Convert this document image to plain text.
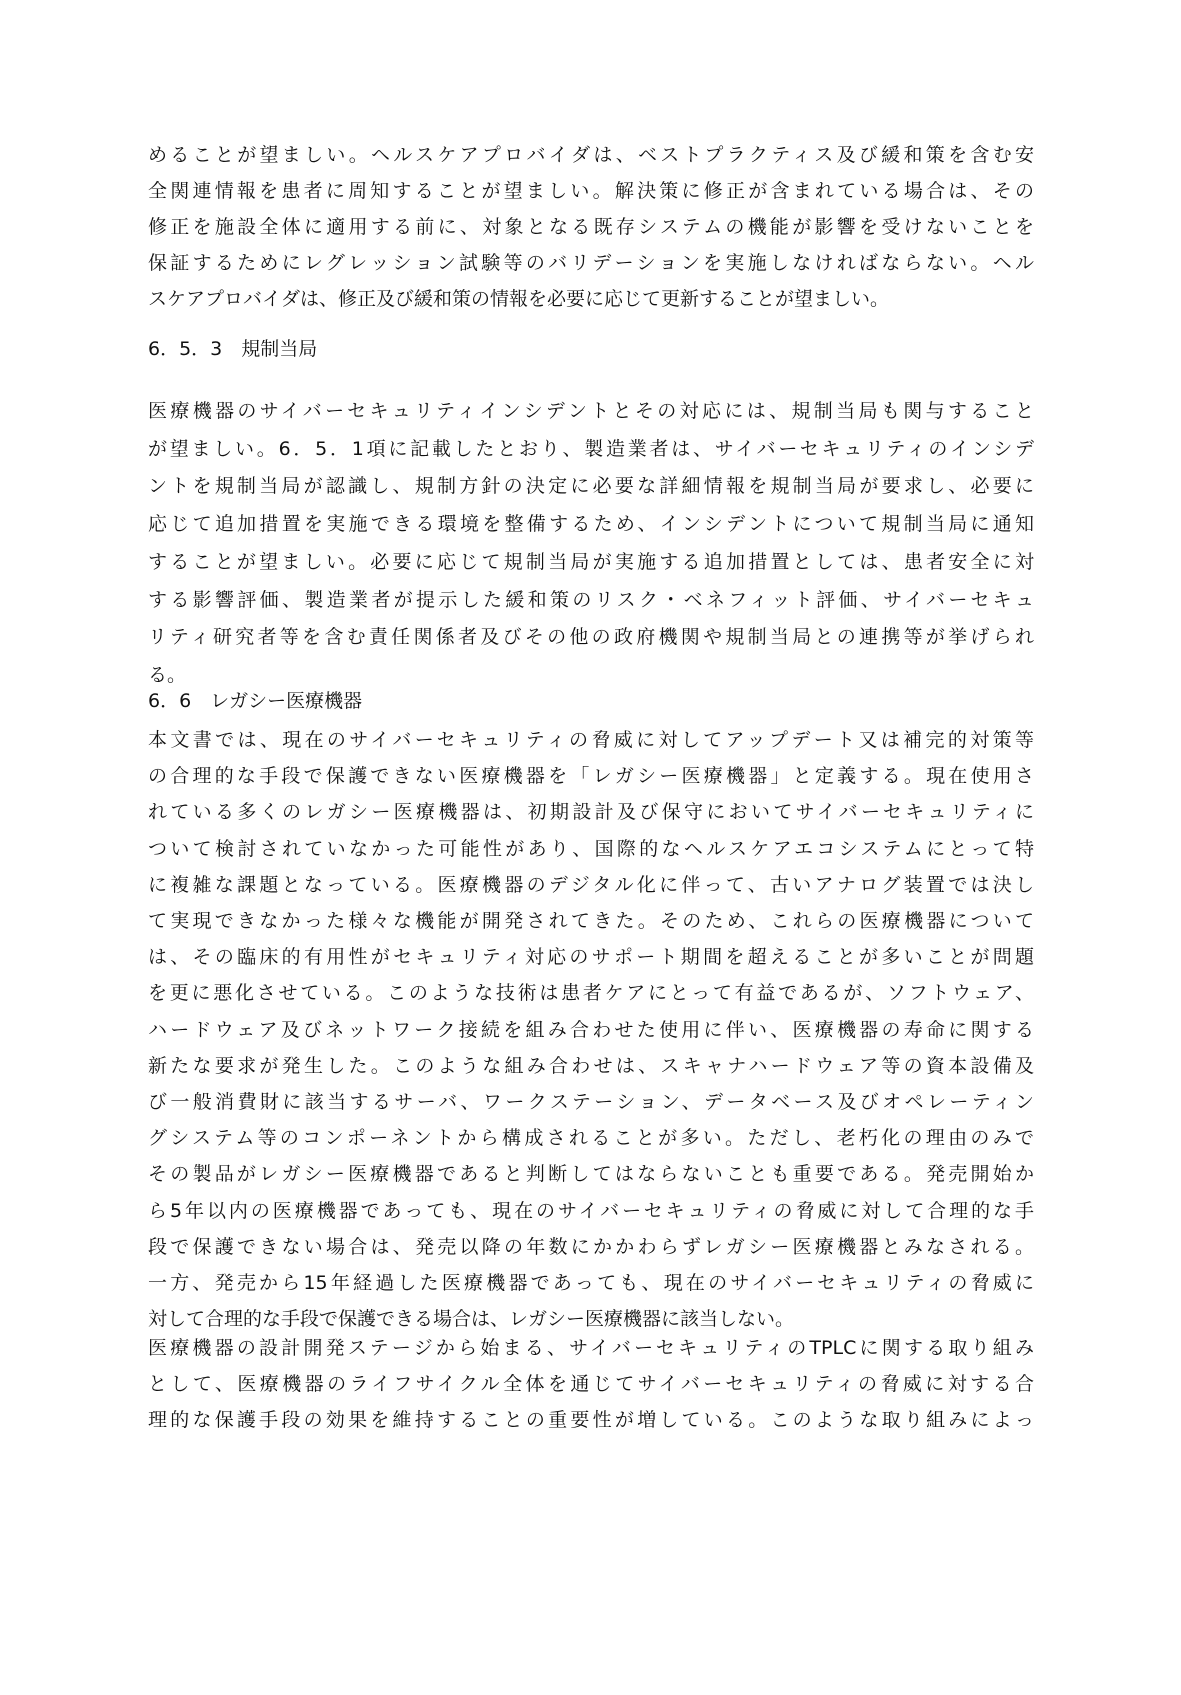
めることが望ましい。ヘルスケアプロバイダは、ベストプラクティス及び緩和策を含む安
全関連情報を患者に周知することが望ましい。解決策に修正が含まれている場合は、その
修正を施設全体に適用する前に、対象となる既存システムの機能が影響を受けないことを
保証するためにレグレッション試験等のバリデーションを実施しなければならない。ヘル
スケアプロバイダは、修正及び緩和策の情報を必要に応じて更新することが望ましい。
6．5．3　規制当局
医療機器のサイバーセキュリティインシデントとその対応には、規制当局も関与すること
が望ましい。6．5．1項に記載したとおり、製造業者は、サイバーセキュリティのインシデ
ントを規制当局が認識し、規制方針の決定に必要な詳細情報を規制当局が要求し、必要に
応じて追加措置を実施できる環境を整備するため、インシデントについて規制当局に通知
することが望ましい。必要に応じて規制当局が実施する追加措置としては、患者安全に対
する影響評価、製造業者が提示した緩和策のリスク・ベネフィット評価、サイバーセキュ
リティ研究者等を含む責任関係者及びその他の政府機関や規制当局との連携等が挙げられ
る。
6．6　レガシー医療機器
本文書では、現在のサイバーセキュリティの脅威に対してアップデート又は補完的対策等
の合理的な手段で保護できない医療機器を「レガシー医療機器」と定義する。現在使用さ
れている多くのレガシー医療機器は、初期設計及び保守においてサイバーセキュリティに
ついて検討されていなかった可能性があり、国際的なヘルスケアエコシステムにとって特
に複雑な課題となっている。医療機器のデジタル化に伴って、古いアナログ装置では決し
て実現できなかった様々な機能が開発されてきた。そのため、これらの医療機器について
は、その臨床的有用性がセキュリティ対応のサポート期間を超えることが多いことが問題
を更に悪化させている。このような技術は患者ケアにとって有益であるが、ソフトウェア、
ハードウェア及びネットワーク接続を組み合わせた使用に伴い、医療機器の寿命に関する
新たな要求が発生した。このような組み合わせは、スキャナハードウェア等の資本設備及
び一般消費財に該当するサーバ、ワークステーション、データベース及びオペレーティン
グシステム等のコンポーネントから構成されることが多い。ただし、老朽化の理由のみで
その製品がレガシー医療機器であると判断してはならないことも重要である。発売開始か
ら5年以内の医療機器であっても、現在のサイバーセキュリティの脅威に対して合理的な手
段で保護できない場合は、発売以降の年数にかかわらずレガシー医療機器とみなされる。
一方、発売から15年経過した医療機器であっても、現在のサイバーセキュリティの脅威に
対して合理的な手段で保護できる場合は、レガシー医療機器に該当しない。
医療機器の設計開発ステージから始まる、サイバーセキュリティのTPLCに関する取り組み
として、医療機器のライフサイクル全体を通じてサイバーセキュリティの脅威に対する合
理的な保護手段の効果を維持することの重要性が増している。このような取り組みによっ
